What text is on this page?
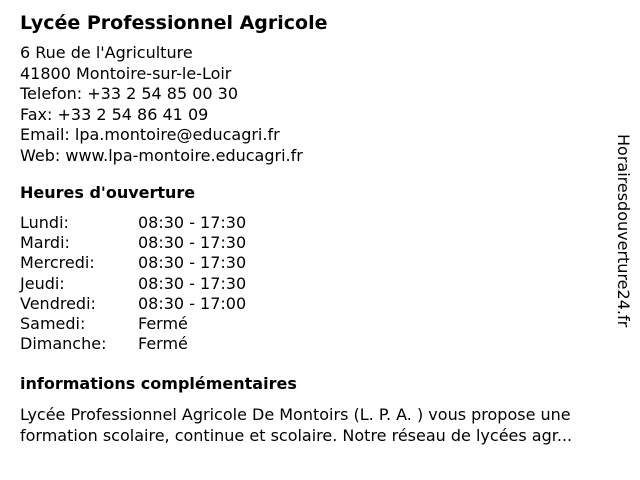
Lycée Professionnel Agricole
6 Rue de l'Agriculture
41800 Montoire-sur-le-Loir
Telefon: +33 2 54 85 00 30
Fax: +33 2 54 86 41 09
Email: lpa.montoire@educagri.fr
Web: www.lpa-montoire.educagri.fr
Heures d'ouverture
Lundi:	08:30 - 17:30
Mardi:	08:30 - 17:30
Mercredi:	08:30 - 17:30
Jeudi:	08:30 - 17:30
Vendredi:	08:30 - 17:00
Samedi:	Fermé
Dimanche: Fermé
informations complémentaires
Lycée Professionnel Agricole De Montoirs (L. P. A. ) vous propose une
formation scolaire, continue et scolaire. Notre réseau de lycées agr...
Horairesdouverture24.fr
